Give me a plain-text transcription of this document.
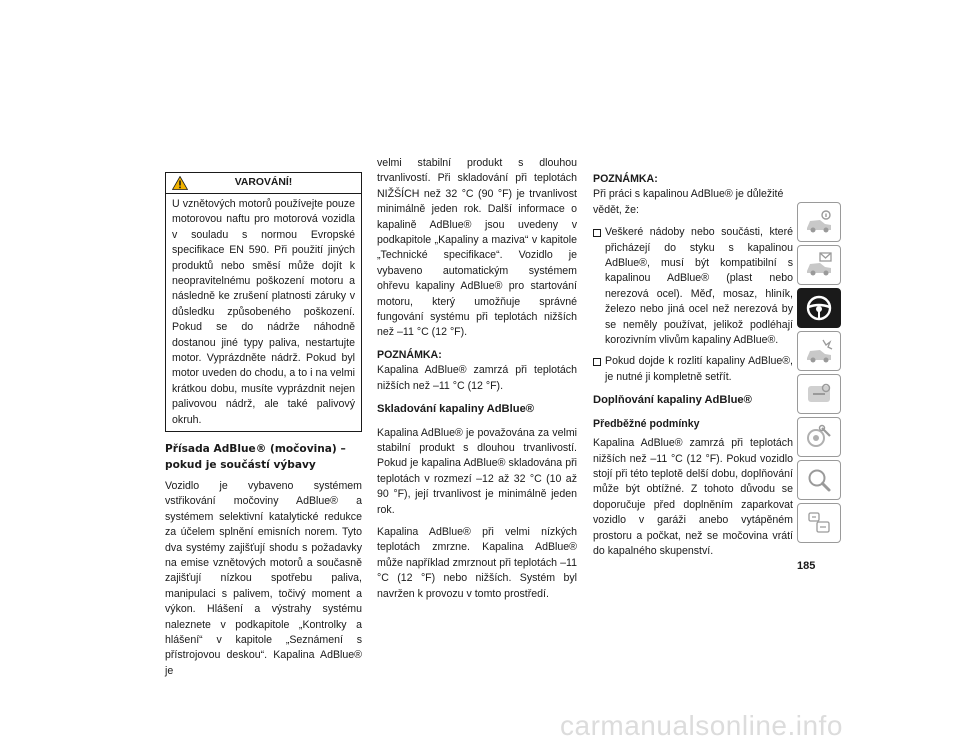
VAROVÁNÍ!
U vznětových motorů používejte pouze motorovou naftu pro motorová vozidla v souladu s normou Evropské specifikace EN 590. Při použití jiných produktů nebo směsí může dojít k neopravitelnému poškození motoru a následně ke zrušení platnosti záruky v důsledku způsobeného poškození. Pokud se do nádrže náhodně dostanou jiné typy paliva, nestartujte motor. Vyprázdněte nádrž. Pokud byl motor uveden do chodu, a to i na velmi krátkou dobu, musíte vyprázdnit nejen palivovou nádrž, ale také palivový okruh.
Přísada AdBlue® (močovina) – pokud je součástí výbavy

Vozidlo je vybaveno systémem vstřikování močoviny AdBlue® a systémem selektivní katalytické redukce za účelem splnění emisních norem. Tyto dva systémy zajišťují shodu s požadavky na emise vznětových motorů a současně zajišťují nízkou spotřebu paliva, manipulaci s palivem, točivý moment a výkon. Hlášení a výstrahy systému naleznete v podkapitole „Kontrolky a hlášení“ v kapitole „Seznámení s přístrojovou deskou“. Kapalina AdBlue® je

velmi stabilní produkt s dlouhou trvanlivostí. Při skladování při teplotách NIŽŠÍCH než 32 °C (90 °F) je trvanlivost minimálně jeden rok. Další informace o kapalině AdBlue® jsou uvedeny v podkapitole „Kapaliny a maziva“ v kapitole „Technické specifikace“. Vozidlo je vybaveno automatickým systémem ohřevu kapaliny AdBlue® pro startování motoru, který umožňuje správné fungování systému při teplotách nižších než –11 °C (12 °F).

POZNÁMKA:
Kapalina AdBlue® zamrzá při teplotách nižších než –11 °C (12 °F).

Skladování kapaliny AdBlue®

Kapalina AdBlue® je považována za velmi stabilní produkt s dlouhou trvanlivostí. Pokud je kapalina AdBlue® skladována při teplotách v rozmezí –12 až 32 °C (10 až 90 °F), její trvanlivost je minimálně jeden rok.

Kapalina AdBlue® při velmi nízkých teplotách zmrzne. Kapalina AdBlue® může například zmrznout při teplotách –11 °C (12 °F) nebo nižších. Systém byl navržen k provozu v tomto prostředí.

POZNÁMKA:
Při práci s kapalinou AdBlue® je důležité vědět, že:

Veškeré nádoby nebo součásti, které přicházejí do styku s kapalinou AdBlue®, musí být kompatibilní s kapalinou AdBlue® (plast nebo nerezová ocel). Měď, mosaz, hliník, železo nebo jiná ocel než nerezová by se neměly používat, jelikož podléhají korozivním vlivům kapaliny AdBlue®.
Pokud dojde k rozlití kapaliny AdBlue®, je nutné ji kompletně setřít.
Doplňování kapaliny AdBlue®
Předběžné podmínky

Kapalina AdBlue® zamrzá při teplotách nižších než –11 °C (12 °F). Pokud vozidlo stojí při této teplotě delší dobu, doplňování může být obtížné. Z tohoto důvodu se doporučuje před doplněním zaparkovat vozidlo v garáži anebo vytápěném prostoru a počkat, než se močovina vrátí do kapalného skupenství.

185
carmanualsonline.info
